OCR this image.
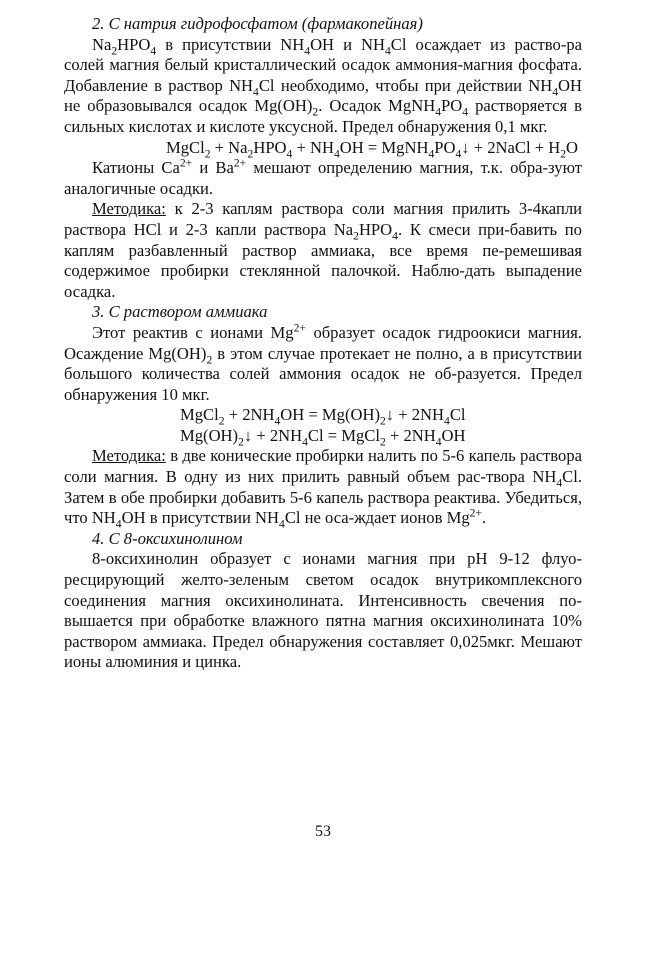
2. С натрия гидрофосфатом (фармакопейная)

$Na_2HPO_4$ в присутствии $NH_4OH$ и $NH_4Cl$ осаждает из раство-ра солей магния белый кристаллический осадок аммония-магния фосфата. Добавление в раствор $NH_4Cl$ необходимо, чтобы при действии $NH_4OH$ не образовывался осадок $Mg(OH)_2$. Осадок $MgNH_4PO_4$ растворяется в сильных кислотах и кислоте уксусной. Предел обнаружения 0,1 мкг.

MgCl$_2$ + $Na_2HPO_4 + NH_4OH$ = $MgNH_4PO_4↓$ + 2NaCl + $H_2O$

Катионы $Ca^{2+}$ и $Ba^{2+}$ мешают определению магния, т.к. обра-зуют аналогичные осадки.

Методика: к 2-3 каплям раствора соли магния прилить 3-4капли раствора HCl и 2-3 капли раствора $Na_2HPO_4$. К смеси при-бавить по каплям разбавленный раствор аммиака, все время пе-ремешивая содержимое пробирки стеклянной палочкой. Наблю-дать выпадение осадка.

3. С раствором аммиака

Этот реактив с ионами $Mg^{2+}$ образует осадок гидроокиси магния. Осаждение $Mg(OH)_2$ в этом случае протекает не полно, а в присутствии большого количества солей аммония осадок не об-разуется. Предел обнаружения 10 мкг.

MgCl$_2$ + $2NH_4OH$ = $Mg(OH)_2↓ + 2NH_4Cl$

$Mg(OH)_2↓ + 2NH_4Cl$ = MgCl$_2$ + $2NH_4OH$

Методика: в две конические пробирки налить по 5-6 капель раствора соли магния. В одну из них прилить равный объем рас-твора $NH_4Cl$. Затем в обе пробирки добавить 5-6 капель раствора реактива. Убедиться, что $NH_4OH$ в присутствии $NH_4Cl$ не оса-ждает ионов $Mg^{2+}$.

4. С 8-оксихинолином

8-оксихинолин образует с ионами магния при pH 9-12 флуо-ресцирующий желто-зеленым светом осадок внутрикомплексного соединения магния оксихинолината. Интенсивность свечения по-вышается при обработке влажного пятна магния оксихинолината 10% раствором аммиака. Предел обнаружения составляет 0,025мкг. Мешают ионы алюминия и цинка.

53
